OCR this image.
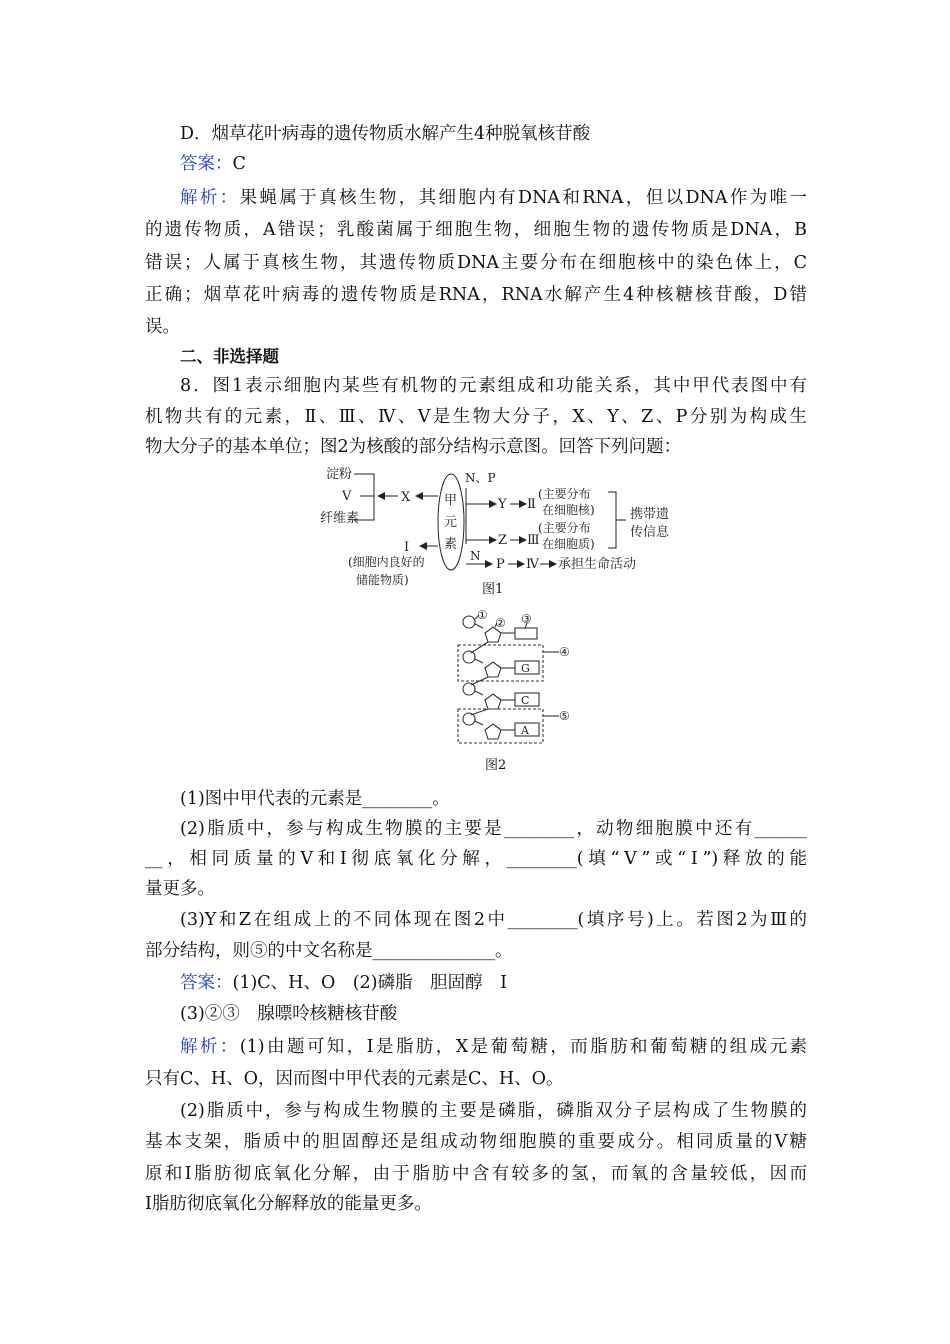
D．烟草花叶病毒的遗传物质水解产生4种脱氧核苷酸
答案：C
解析：果蝇属于真核生物，其细胞内有DNA和RNA，但以DNA作为唯一
的遗传物质，A错误；乳酸菌属于细胞生物，细胞生物的遗传物质是DNA，B
错误；人属于真核生物，其遗传物质DNA主要分布在细胞核中的染色体上，C
正确；烟草花叶病毒的遗传物质是RNA，RNA水解产生4种核糖核苷酸，D错
误。
二、非选择题
8．图1表示细胞内某些有机物的元素组成和功能关系，其中甲代表图中有
机物共有的元素，Ⅱ、Ⅲ、Ⅳ、Ⅴ是生物大分子，X、Y、Z、P分别为构成生
物大分子的基本单位；图2为核酸的部分结构示意图。回答下列问题：
淀粉
Ⅴ
纤维素
X
Ⅰ
(细胞内良好的
储能物质)
甲
元
素
N、P
Y Ⅱ
Z Ⅲ
(主要分布
在细胞核)
(主要分布
在细胞质)
携带遗
传信息
N
P Ⅳ 承担生命活动
图1
①
② ③
④
⑤
G
C
A
图2
(1)图中甲代表的元素是________。
(2)脂质中，参与构成生物膜的主要是________，动物细胞膜中还有______
__，相同质量的Ⅴ和Ⅰ彻底氧化分解，________(填“Ⅴ”或“Ⅰ”)释放的能
量更多。
(3)Y和Z在组成上的不同体现在图2中________(填序号)上。若图2为Ⅲ的
部分结构，则⑤的中文名称是______________。
答案：(1)C、H、O　(2)磷脂　胆固醇　Ⅰ
(3)②③　腺嘌呤核糖核苷酸
解析：(1)由题可知，Ⅰ是脂肪，X是葡萄糖，而脂肪和葡萄糖的组成元素
只有C、H、O，因而图中甲代表的元素是C、H、O。
(2)脂质中，参与构成生物膜的主要是磷脂，磷脂双分子层构成了生物膜的
基本支架，脂质中的胆固醇还是组成动物细胞膜的重要成分。相同质量的Ⅴ糖
原和Ⅰ脂肪彻底氧化分解，由于脂肪中含有较多的氢，而氧的含量较低，因而
Ⅰ脂肪彻底氧化分解释放的能量更多。
